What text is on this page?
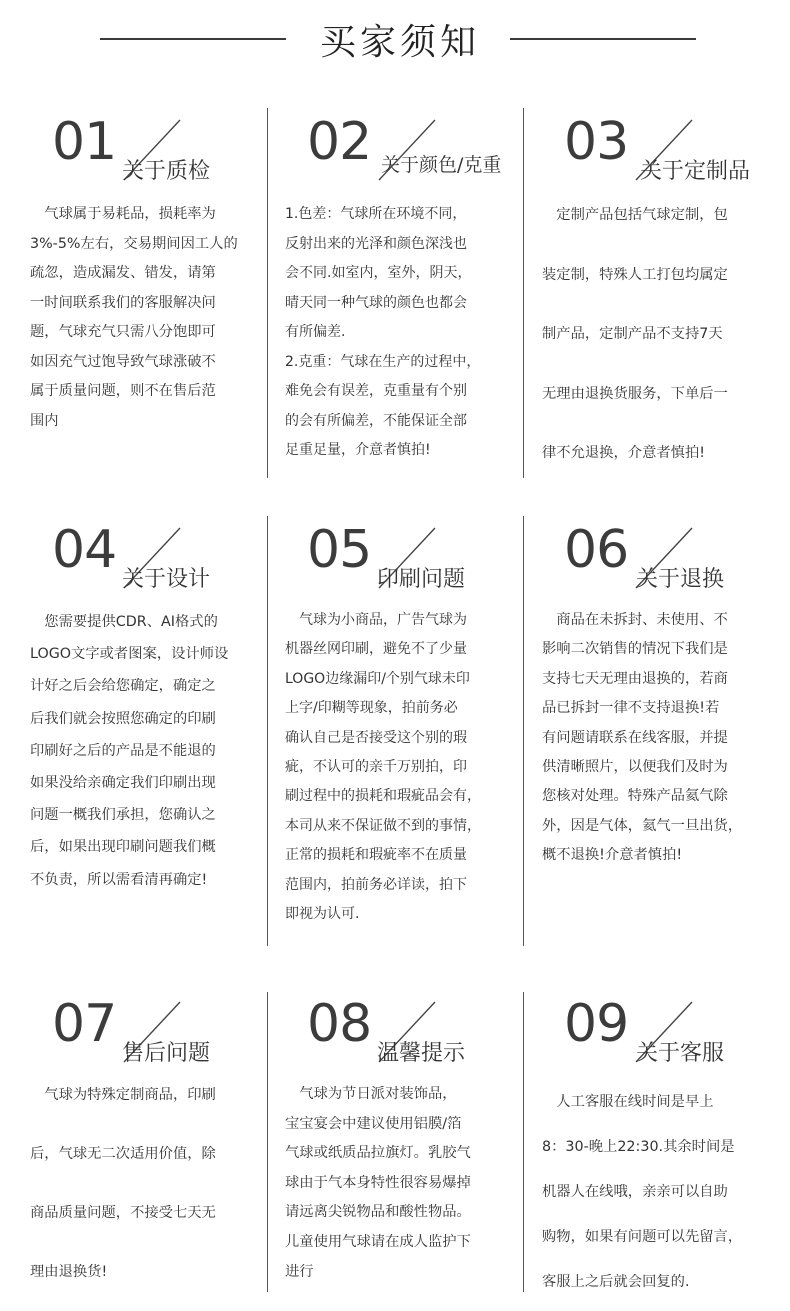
买家须知
01 关于质检
　气球属于易耗品，损耗率为
3%-5%左右，交易期间因工人的
疏忽，造成漏发、错发，请第
一时间联系我们的客服解决问
题，气球充气只需八分饱即可
如因充气过饱导致气球涨破不
属于质量问题，则不在售后范
围内
02 关于颜色/克重
1.色差：气球所在环境不同，
反射出来的光泽和颜色深浅也
会不同.如室内，室外，阴天，
晴天同一种气球的颜色也都会
有所偏差.
2.克重：气球在生产的过程中，
难免会有误差，克重量有个别
的会有所偏差，不能保证全部
足重足量，介意者慎拍!
03 关于定制品
　定制产品包括气球定制，包
装定制，特殊人工打包均属定
制产品，定制产品不支持7天
无理由退换货服务，下单后一
律不允退换，介意者慎拍!
04 关于设计
　您需要提供CDR、AI格式的
LOGO文字或者图案，设计师设
计好之后会给您确定，确定之
后我们就会按照您确定的印刷
印刷好之后的产品是不能退的
如果没给亲确定我们印刷出现
问题一概我们承担，您确认之
后，如果出现印刷问题我们概
不负责，所以需看清再确定!
05 印刷问题
　气球为小商品，广告气球为
机器丝网印刷，避免不了少量
LOGO边缘漏印/个别气球未印
上字/印糊等现象，拍前务必
确认自己是否接受这个别的瑕
疵，不认可的亲千万别拍，印
刷过程中的损耗和瑕疵品会有，
本司从来不保证做不到的事情，
正常的损耗和瑕疵率不在质量
范围内，拍前务必详读，拍下
即视为认可.
06 关于退换
　商品在未拆封、未使用、不
影响二次销售的情况下我们是
支持七天无理由退换的，若商
品已拆封一律不支持退换!若
有问题请联系在线客服，并提
供清晰照片，以便我们及时为
您核对处理。特殊产品氦气除
外，因是气体，氦气一旦出货，
概不退换!介意者慎拍!
07 售后问题
　气球为特殊定制商品，印刷
后，气球无二次适用价值，除
商品质量问题，不接受七天无
理由退换货!
08 温馨提示
　气球为节日派对装饰品，
宝宝宴会中建议使用铝膜/箔
气球或纸质品拉旗灯。乳胶气
球由于气本身特性很容易爆掉
请远离尖锐物品和酸性物品。
儿童使用气球请在成人监护下
进行
09 关于客服
　人工客服在线时间是早上
8：30-晚上22:30.其余时间是
机器人在线哦，亲亲可以自助
购物，如果有问题可以先留言，
客服上之后就会回复的.
